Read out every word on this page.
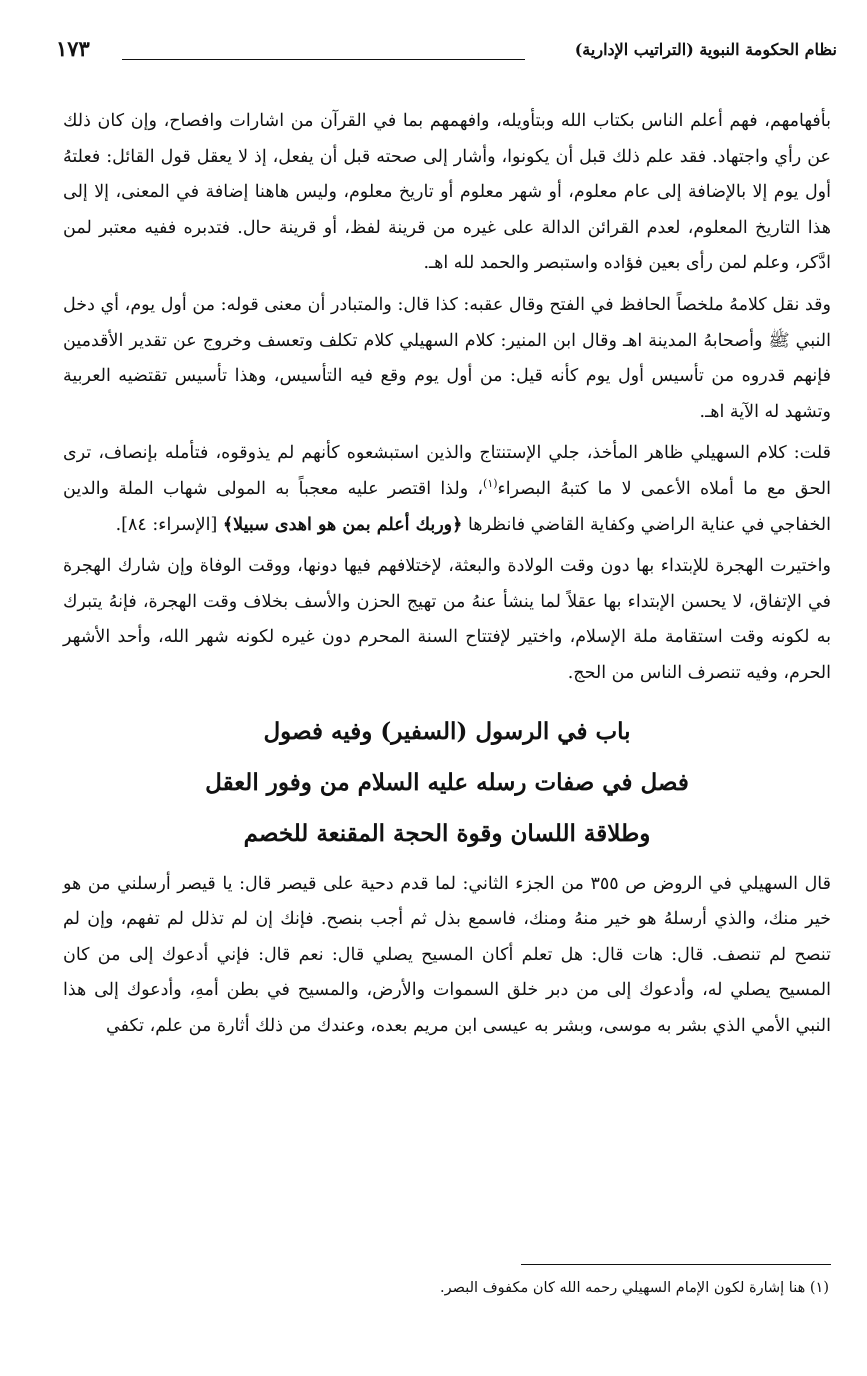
نظام الحكومة النبوية (التراتيب الإدارية)
١٧٣

بأفهامهم، فهم أعلم الناس بكتاب الله وبتأويله، وافهمهم بما في القرآن من اشارات وافصاح، وإن كان ذلك عن رأي واجتهاد. فقد علم ذلك قبل أن يكونوا، وأشار إلى صحته قبل أن يفعل، إذ لا يعقل قول القائل: فعلتهُ أول يوم إلا بالإضافة إلى عام معلوم، أو شهر معلوم أو تاريخ معلوم، وليس هاهنا إضافة في المعنى، إلا إلى هذا التاريخ المعلوم، لعدم القرائن الدالة على غيره من قرينة لفظ، أو قرينة حال. فتدبره ففيه معتبر لمن ادَّكر، وعلم لمن رأى بعين فؤاده واستبصر والحمد لله اهـ.

وقد نقل كلامهُ ملخصاً الحافظ في الفتح وقال عقبه: كذا قال: والمتبادر أن معنى قوله: من أول يوم، أي دخل النبي ﷺ وأصحابهُ المدينة اهـ وقال ابن المنير: كلام السهيلي كلام تكلف وتعسف وخروج عن تقدير الأقدمين فإنهم قدروه من تأسيس أول يوم كأنه قيل: من أول يوم وقع فيه التأسيس، وهذا تأسيس تقتضيه العربية وتشهد له الآية اهـ.

قلت: كلام السهيلي ظاهر المأخذ، جلي الإستنتاج والذين استبشعوه كأنهم لم يذوقوه، فتأمله بإنصاف، ترى الحق مع ما أملاه الأعمى لا ما كتبهُ البصراء$^{(١)}$، ولذا اقتصر عليه معجباً به المولى شهاب الملة والدين الخفاجي في عناية الراضي وكفاية القاضي فانظرها ﴿وربك أعلم بمن هو اهدى سبيلا﴾ [الإسراء: ٨٤].

واختيرت الهجرة للإبتداء بها دون وقت الولادة والبعثة، لإختلافهم فيها دونها، ووقت الوفاة وإن شارك الهجرة في الإتفاق، لا يحسن الإبتداء بها عقلاً لما ينشأ عنهُ من تهيج الحزن والأسف بخلاف وقت الهجرة، فإنهُ يتبرك به لكونه وقت استقامة ملة الإسلام، واختير لإفتتاح السنة المحرم دون غيره لكونه شهر الله، وأحد الأشهر الحرم، وفيه تنصرف الناس من الحج.

باب في الرسول (السفير) وفيه فصول
فصل في صفات رسله عليه السلام من وفور العقل
وطلاقة اللسان وقوة الحجة المقنعة للخصم

قال السهيلي في الروض ص ٣٥٥ من الجزء الثاني: لما قدم دحية على قيصر قال: يا قيصر أرسلني من هو خير منك، والذي أرسلهُ هو خير منهُ ومنك، فاسمع بذل ثم أجب بنصح. فإنك إن لم تذلل لم تفهم، وإن لم تنصح لم تنصف. قال: هات قال: هل تعلم أكان المسيح يصلي قال: نعم قال: فإني أدعوك إلى من كان المسيح يصلي له، وأدعوك إلى من دبر خلق السموات والأرض، والمسيح في بطن أمهِ، وأدعوك إلى هذا النبي الأمي الذي بشر به موسى، وبشر به عيسى ابن مريم بعده، وعندك من ذلك أثارة من علم، تكفي

(١) هنا إشارة لكون الإمام السهيلي رحمه الله كان مكفوف البصر.
